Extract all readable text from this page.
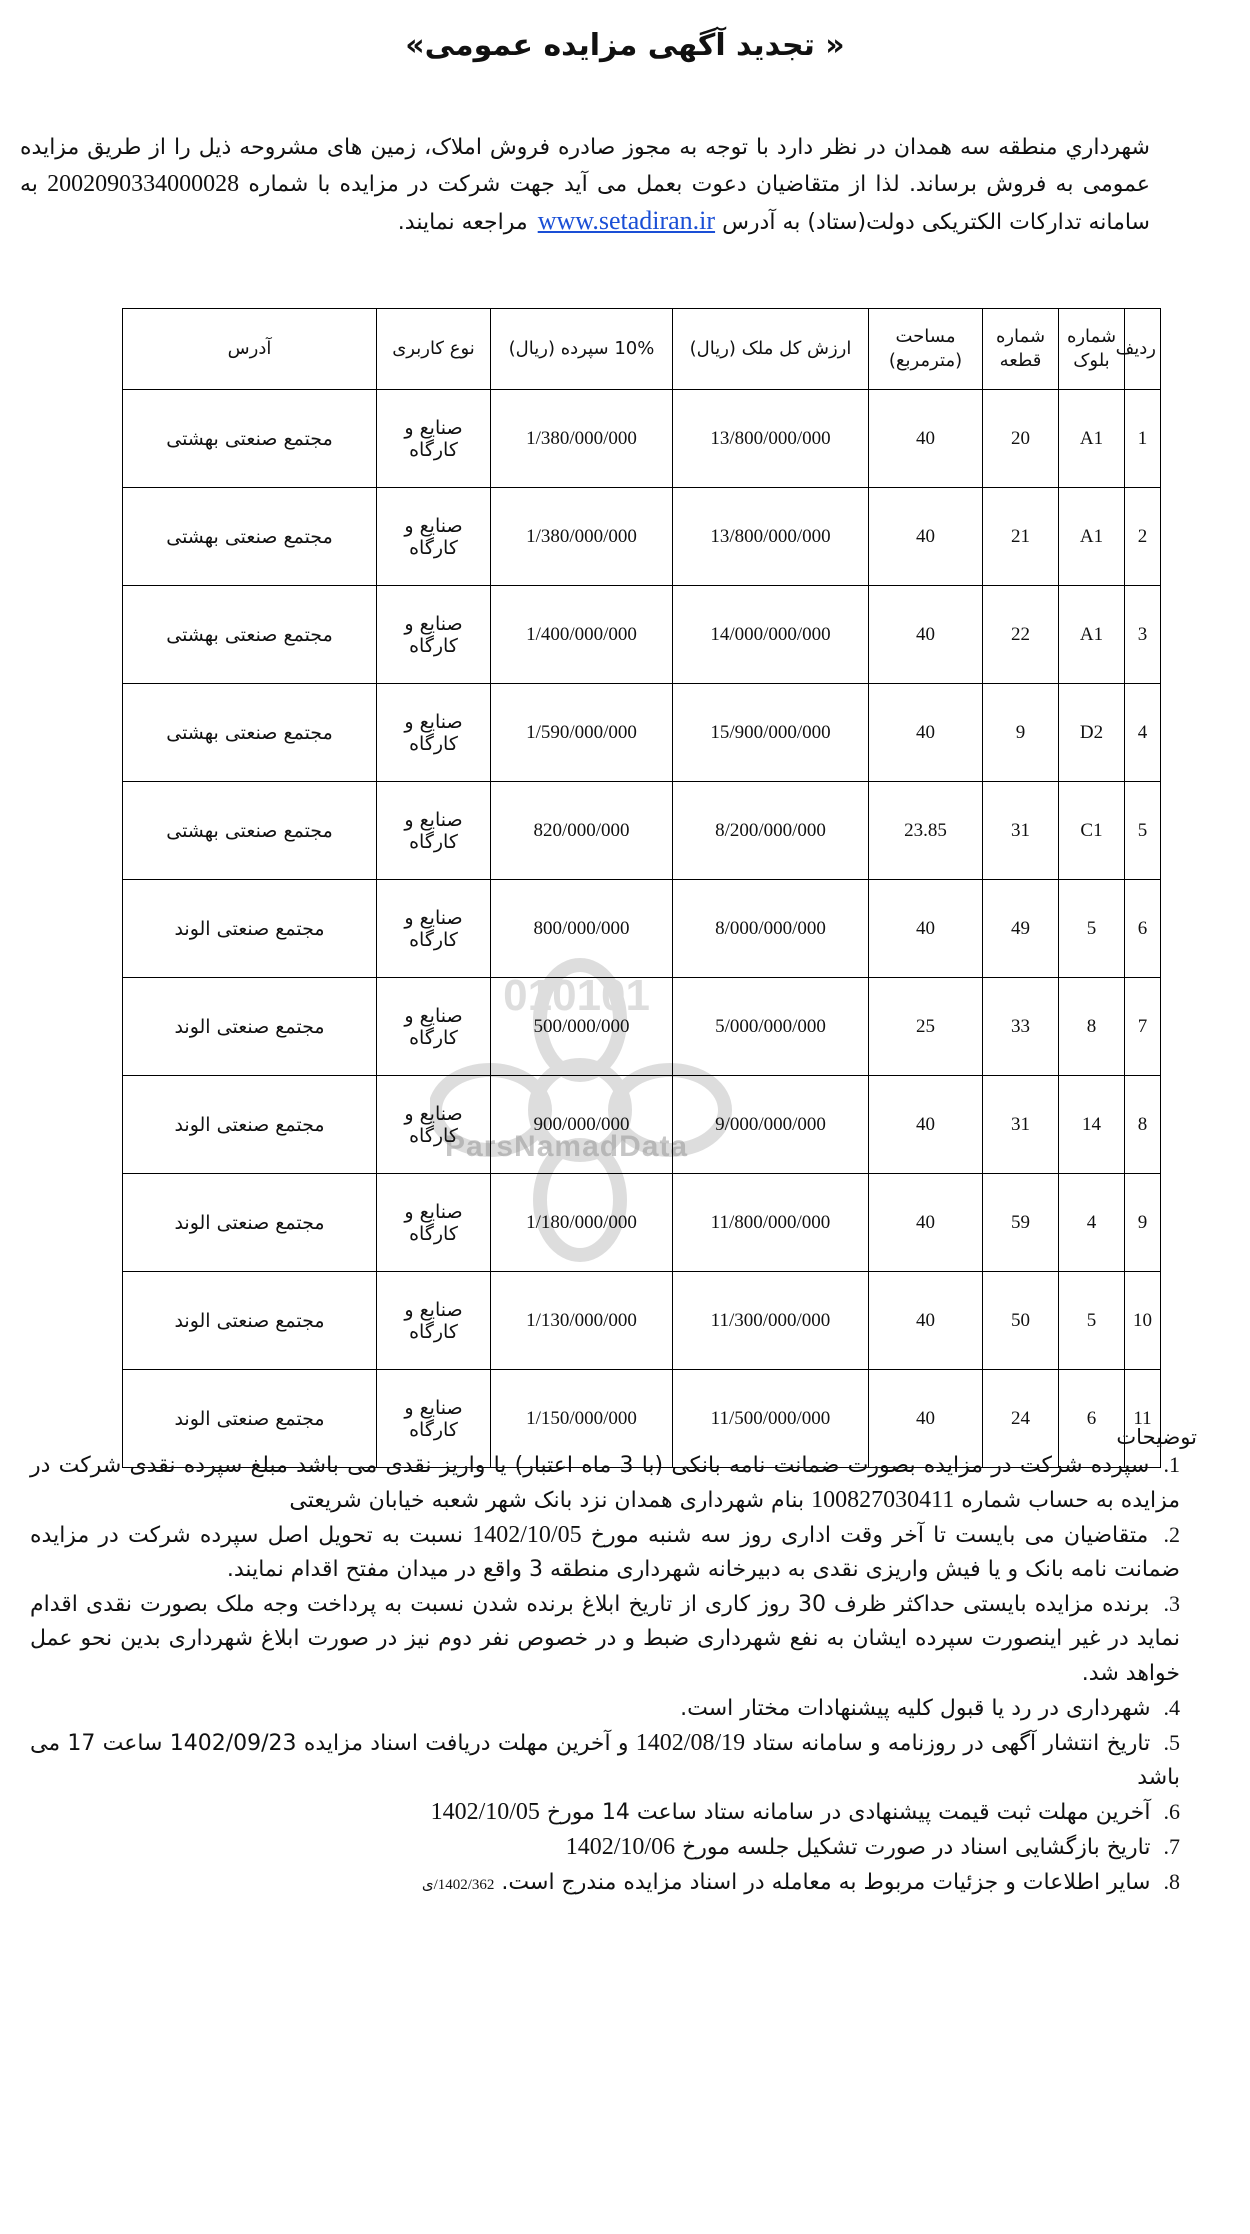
« تجدید آگهی مزایده عمومی»
شهرداري منطقه سه همدان در نظر دارد با توجه به مجوز صادره فروش املاک، زمین های مشروحه ذیل را از طریق مزایده عمومی به فروش برساند. لذا از متقاضیان دعوت بعمل می آید جهت شرکت در مزایده با شماره 2002090334000028 به سامانه تدارکات الکتریکی دولت(ستاد) به آدرس www.setadiran.ir مراجعه نمایند.
010101
ParsNamadData
ردیف	شماره بلوک	شماره قطعه	مساحت (مترمربع)	ارزش کل ملک (ريال)	10% سپرده (ريال)	نوع کاربری	آدرس
1	A1	20	40	13/800/000/000	1/380/000/000	صنایع و کارگاه	مجتمع صنعتی بهشتی
2	A1	21	40	13/800/000/000	1/380/000/000	صنایع و کارگاه	مجتمع صنعتی بهشتی
3	A1	22	40	14/000/000/000	1/400/000/000	صنایع و کارگاه	مجتمع صنعتی بهشتی
4	D2	9	40	15/900/000/000	1/590/000/000	صنایع و کارگاه	مجتمع صنعتی بهشتی
5	C1	31	23.85	8/200/000/000	820/000/000	صنایع و کارگاه	مجتمع صنعتی بهشتی
6	5	49	40	8/000/000/000	800/000/000	صنایع و کارگاه	مجتمع صنعتی الوند
7	8	33	25	5/000/000/000	500/000/000	صنایع و کارگاه	مجتمع صنعتی الوند
8	14	31	40	9/000/000/000	900/000/000	صنایع و کارگاه	مجتمع صنعتی الوند
9	4	59	40	11/800/000/000	1/180/000/000	صنایع و کارگاه	مجتمع صنعتی الوند
10	5	50	40	11/300/000/000	1/130/000/000	صنایع و کارگاه	مجتمع صنعتی الوند
11	6	24	40	11/500/000/000	1/150/000/000	صنایع و کارگاه	مجتمع صنعتی الوند
توضیحات
1. سپرده شرکت در مزایده بصورت ضمانت نامه بانکی (با 3 ماه اعتبار) یا واریز نقدی می باشد مبلغ سپرده نقدی شرکت در مزایده به حساب شماره 100827030411 بنام شهرداری همدان نزد بانک شهر شعبه خیابان شریعتی
2. متقاضیان می بایست تا آخر وقت اداری روز سه شنبه مورخ 1402/10/05 نسبت به تحویل اصل سپرده شرکت در مزایده ضمانت نامه بانک و یا فیش واریزی نقدی به دبیرخانه شهرداری منطقه 3 واقع در میدان مفتح اقدام نمایند.
3. برنده مزایده بایستی حداکثر ظرف 30 روز کاری از تاریخ ابلاغ برنده شدن نسبت به پرداخت وجه ملک بصورت نقدی اقدام نماید در غیر اینصورت سپرده ایشان به نفع شهرداری ضبط و در خصوص نفر دوم نیز در صورت ابلاغ شهرداری بدین نحو عمل خواهد شد.
4. شهرداری در رد یا قبول کلیه پیشنهادات مختار است.
5. تاریخ انتشار آگهی در روزنامه و سامانه ستاد 1402/08/19 و آخرین مهلت دریافت اسناد مزایده 1402/09/23 ساعت 17 می باشد
6. آخرین مهلت ثبت قیمت پیشنهادی در سامانه ستاد ساعت 14 مورخ 1402/10/05
7. تاریخ بازگشایی اسناد در صورت تشکیل جلسه مورخ 1402/10/06
8. سایر اطلاعات و جزئیات مربوط به معامله در اسناد مزایده مندرج است. 1402/362/ی
